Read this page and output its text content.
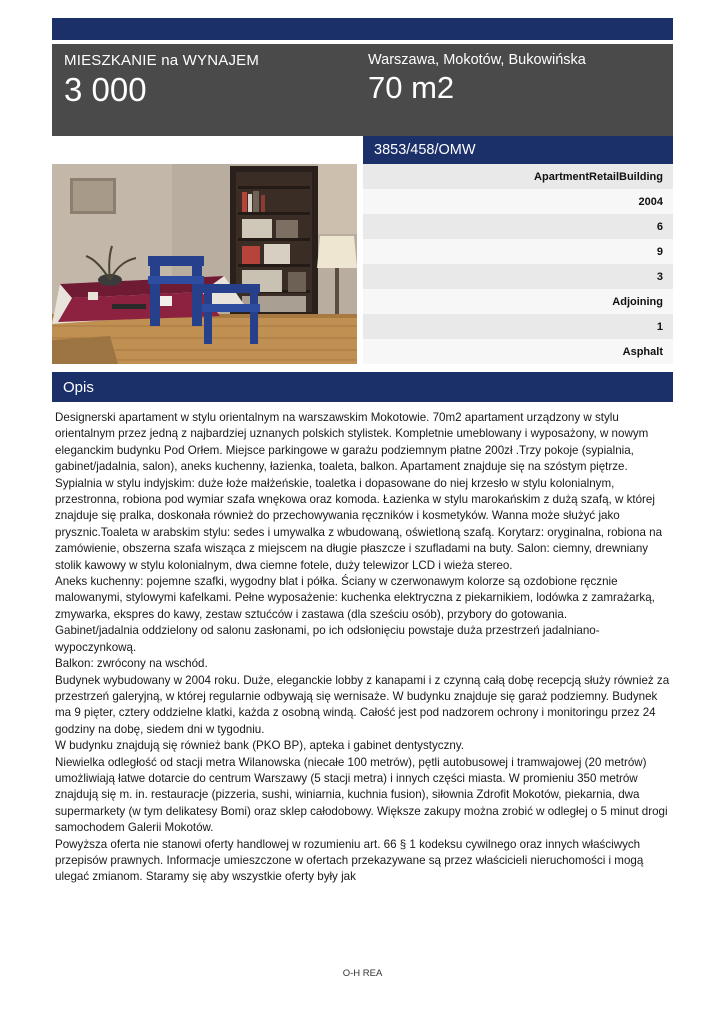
MIESZKANIE na WYNAJEM

3 000

Warszawa, Mokotów, Bukowińska

70 m2

3853/458/OMW
ApartmentRetailBuilding
2004
6
9
3
Adjoining
1
Asphalt
Opis

Designerski apartament w stylu orientalnym na warszawskim Mokotowie. 70m2 apartament urządzony w stylu orientalnym przez jedną z najbardziej uznanych polskich stylistek. Kompletnie umeblowany i wyposażony, w nowym eleganckim budynku Pod Orłem. Miejsce parkingowe w garażu podziemnym płatne 200zł .Trzy pokoje (sypialnia, gabinet/jadalnia, salon), aneks kuchenny, łazienka, toaleta, balkon. Apartament znajduje się na szóstym piętrze. Sypialnia w stylu indyjskim: duże łoże małżeńskie, toaletka i dopasowane do niej krzesło w stylu kolonialnym, przestronna, robiona pod wymiar szafa wnękowa oraz komoda. Łazienka w stylu marokańskim z dużą szafą, w której znajduje się pralka, doskonała również do przechowywania ręczników i kosmetyków. Wanna może służyć jako prysznic.Toaleta w arabskim stylu: sedes i umywalka z wbudowaną, oświetloną szafą. Korytarz: oryginalna, robiona na zamówienie, obszerna szafa wisząca z miejscem na długie płaszcze i szufladami na buty. Salon: ciemny, drewniany stolik kawowy w stylu kolonialnym, dwa ciemne fotele, duży telewizor LCD i wieża stereo.

Aneks kuchenny: pojemne szafki, wygodny blat i półka. Ściany w czerwonawym kolorze są ozdobione ręcznie malowanymi, stylowymi kafelkami. Pełne wyposażenie: kuchenka elektryczna z piekarnikiem, lodówka z zamrażarką, zmywarka, ekspres do kawy, zestaw sztućców i zastawa (dla sześciu osób), przybory do gotowania.

Gabinet/jadalnia oddzielony od salonu zasłonami, po ich odsłonięciu powstaje duża przestrzeń jadalniano-wypoczynkową.

Balkon: zwrócony na wschód.

Budynek wybudowany w 2004 roku. Duże, eleganckie lobby z kanapami i z czynną całą dobę recepcją służy również za przestrzeń galeryjną, w której regularnie odbywają się wernisaże. W budynku znajduje się garaż podziemny. Budynek ma 9 pięter, cztery oddzielne klatki, każda z osobną windą. Całość jest pod nadzorem ochrony i monitoringu przez 24 godziny na dobę, siedem dni w tygodniu.

W budynku znajdują się również bank (PKO BP), apteka i gabinet dentystyczny.

Niewielka odległość od stacji metra Wilanowska (niecałe 100 metrów), pętli autobusowej i tramwajowej (20 metrów) umożliwiają łatwe dotarcie do centrum Warszawy (5 stacji metra) i innych części miasta. W promieniu 350 metrów znajdują się m. in. restauracje (pizzeria, sushi, winiarnia, kuchnia fusion), siłownia Zdrofit Mokotów, piekarnia, dwa supermarkety (w tym delikatesy Bomi) oraz sklep całodobowy. Większe zakupy można zrobić w odległej o 5 minut drogi samochodem Galerii Mokotów.

Powyższa oferta nie stanowi oferty handlowej w rozumieniu art. 66 § 1 kodeksu cywilnego oraz innych właściwych przepisów prawnych. Informacje umieszczone w ofertach przekazywane są przez właścicieli nieruchomości i mogą ulegać zmianom. Staramy się aby wszystkie oferty były jak

O-H REA
